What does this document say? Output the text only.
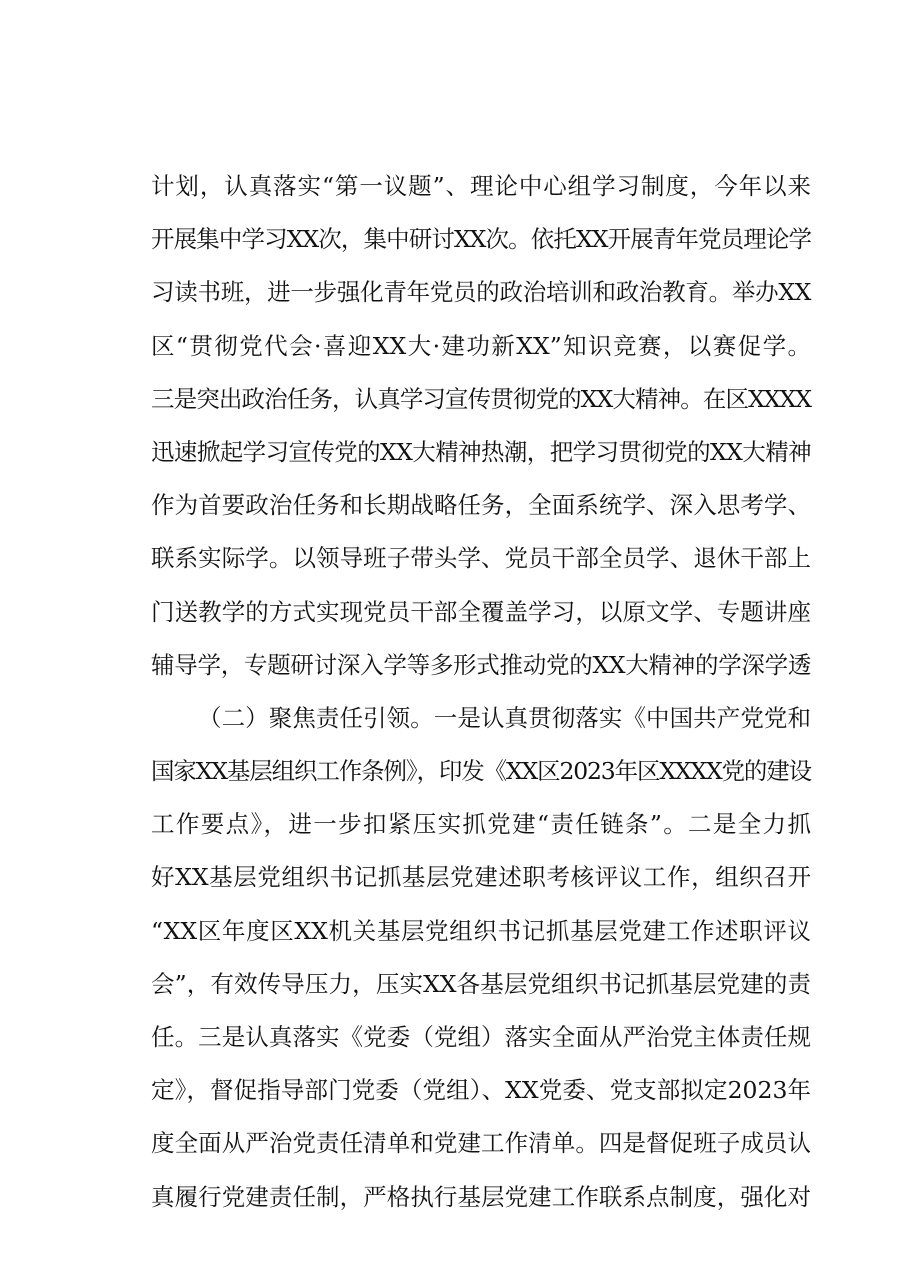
计划，认真落实“第一议题”、理论中心组学习制度，今年以来
开展集中学习XX次，集中研讨XX次。依托XX开展青年党员理论学
习读书班，进一步强化青年党员的政治培训和政治教育。举办XX
区“贯彻党代会·喜迎XX大·建功新XX”知识竞赛，以赛促学。
三是突出政治任务，认真学习宣传贯彻党的XX大精神。在区XXXX
迅速掀起学习宣传党的XX大精神热潮，把学习贯彻党的XX大精神
作为首要政治任务和长期战略任务，全面系统学、深入思考学、
联系实际学。以领导班子带头学、党员干部全员学、退休干部上
门送教学的方式实现党员干部全覆盖学习，以原文学、专题讲座
辅导学，专题研讨深入学等多形式推动党的XX大精神的学深学透
（二）聚焦责任引领。一是认真贯彻落实《中国共产党党和
国家XX基层组织工作条例》，印发《XX区2023年区XXXX党的建设
工作要点》，进一步扣紧压实抓党建“责任链条”。二是全力抓
好XX基层党组织书记抓基层党建述职考核评议工作，组织召开
“XX区年度区XX机关基层党组织书记抓基层党建工作述职评议
会”，有效传导压力，压实XX各基层党组织书记抓基层党建的责
任。三是认真落实《党委（党组）落实全面从严治党主体责任规
定》，督促指导部门党委（党组）、XX党委、党支部拟定2023年
度全面从严治党责任清单和党建工作清单。四是督促班子成员认
真履行党建责任制，严格执行基层党建工作联系点制度，强化对
